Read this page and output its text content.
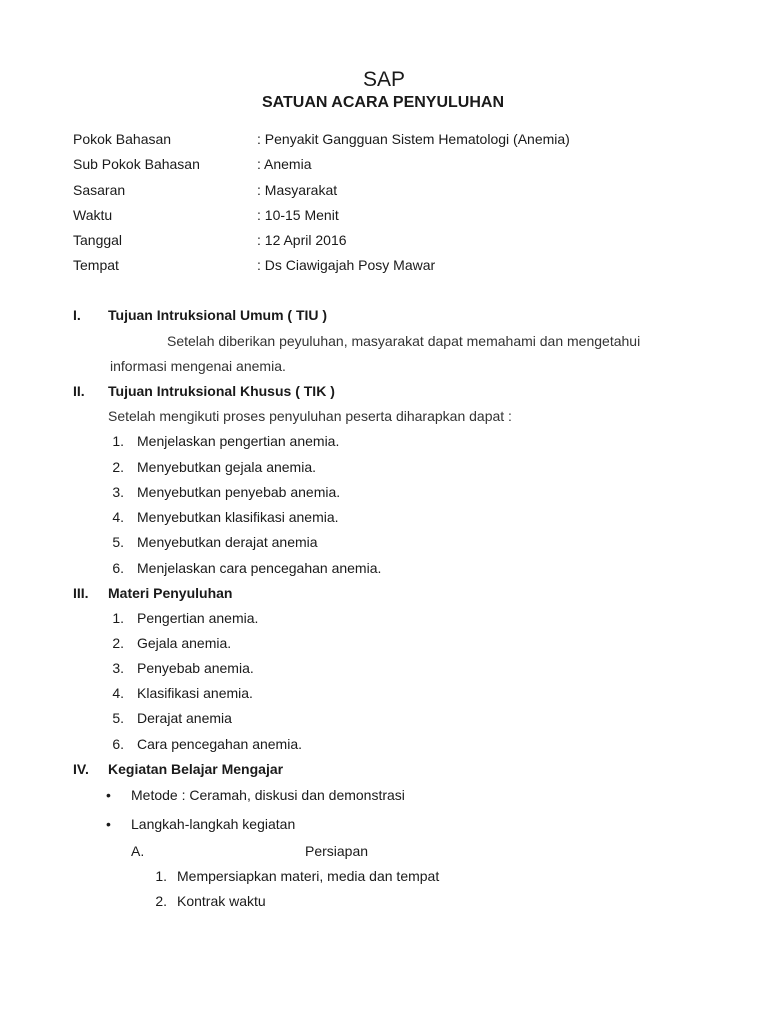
SAP
SATUAN ACARA PENYULUHAN
Pokok Bahasan	: Penyakit Gangguan Sistem Hematologi (Anemia)
Sub Pokok Bahasan	: Anemia
Sasaran	: Masyarakat
Waktu	: 10-15 Menit
Tanggal	: 12 April 2016
Tempat	: Ds Ciawigajah Posy Mawar
I. Tujuan Intruksional Umum ( TIU )
Setelah diberikan peyuluhan, masyarakat dapat memahami dan mengetahui
informasi mengenai anemia.
II. Tujuan Intruksional Khusus ( TIK )
Setelah mengikuti proses penyuluhan peserta diharapkan dapat :
1. Menjelaskan pengertian anemia.
2. Menyebutkan gejala anemia.
3. Menyebutkan penyebab anemia.
4. Menyebutkan klasifikasi anemia.
5. Menyebutkan derajat anemia
6. Menjelaskan cara pencegahan anemia.
III. Materi Penyuluhan
1. Pengertian anemia.
2. Gejala anemia.
3. Penyebab anemia.
4. Klasifikasi anemia.
5. Derajat anemia
6. Cara pencegahan anemia.
IV. Kegiatan Belajar Mengajar
• Metode : Ceramah, diskusi dan demonstrasi
• Langkah-langkah kegiatan
A.	Persiapan
1. Mempersiapkan materi, media dan tempat
2. Kontrak waktu
